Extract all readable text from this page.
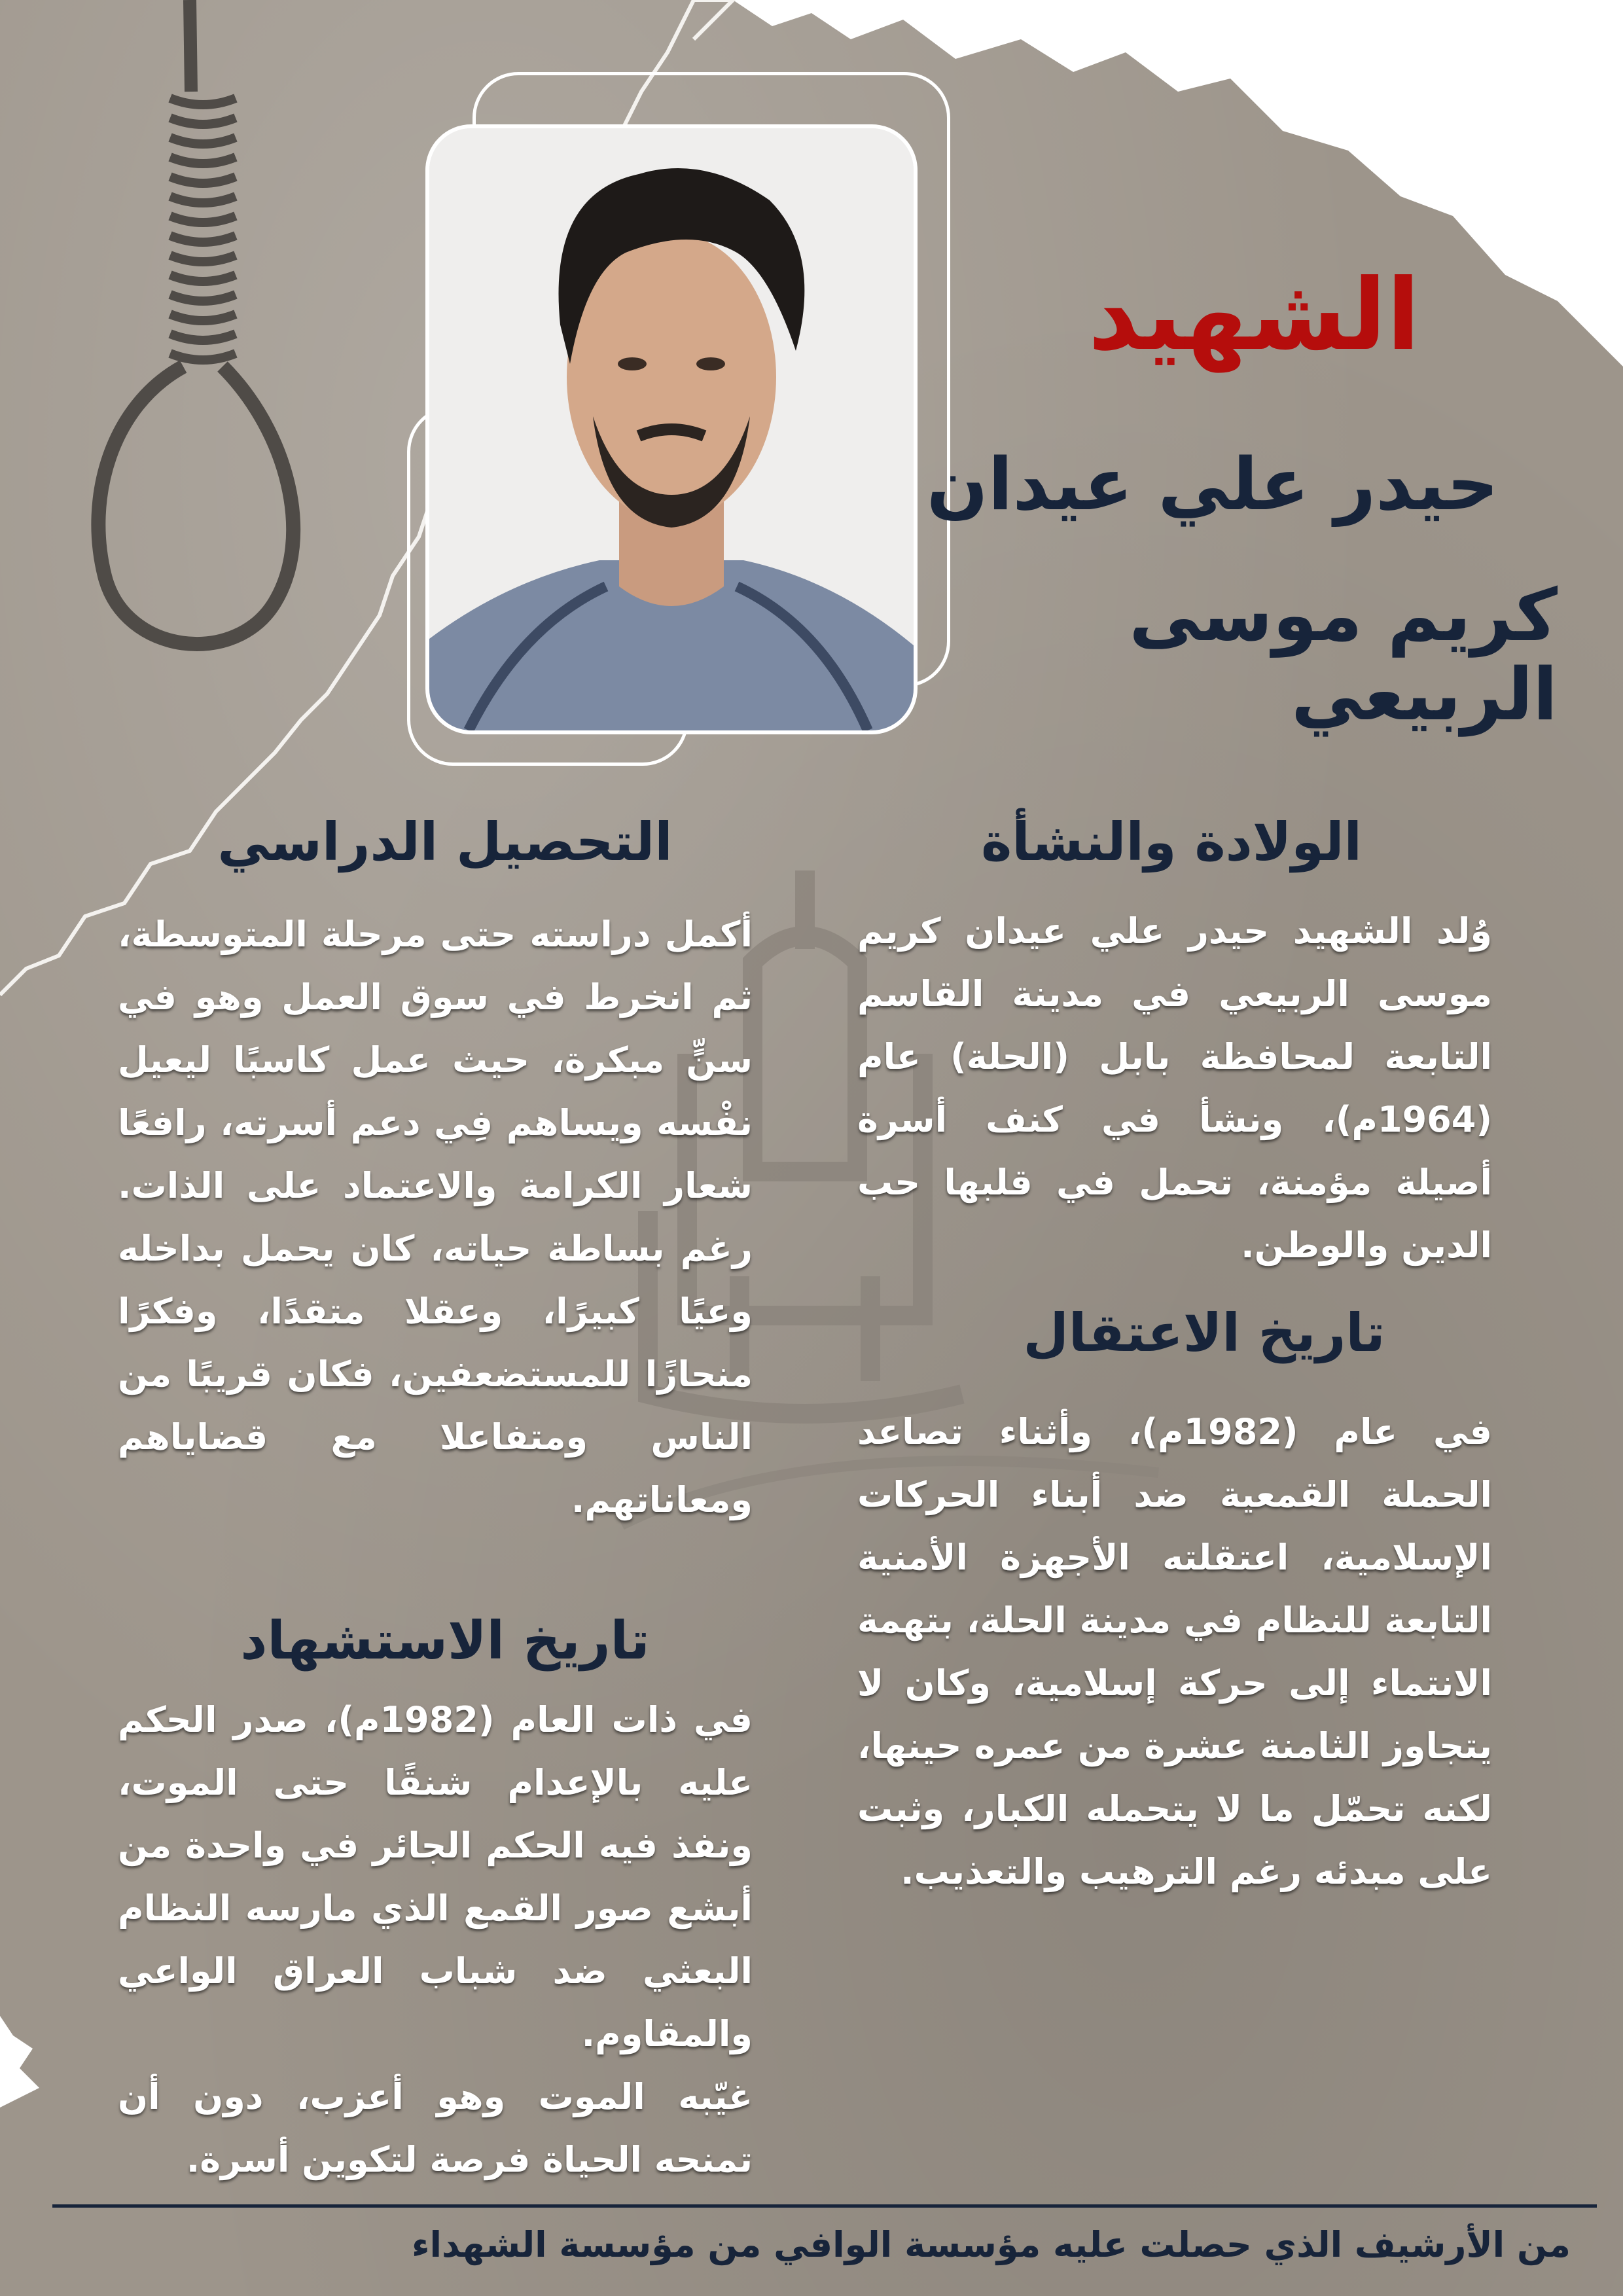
الشهيد
حيدر علي عيدان
كريم موسى الربيعي
الولادة والنشأة
وُلد الشهيد حيدر علي عيدان كريم موسى الربيعي في مدينة القاسم التابعة لمحافظة بابل (الحلة) عام (1964م)، ونشأ في كنف أسرة أصيلة مؤمنة، تحمل في قلبها حب الدين والوطن.
التحصيل الدراسي
أكمل دراسته حتى مرحلة المتوسطة، ثم انخرط في سوق العمل وهو في سنٍّ مبكرة، حيث عمل كاسبًا ليعيل نفْسه ويساهم فِي دعم أسرته، رافعًا شعار الكرامة والاعتماد على الذات. رغم بساطة حياته، كان يحمل بداخله وعيًا كبيرًا، وعقلا متقدًا، وفكرًا منحازًا للمستضعفين، فكان قريبًا من الناس ومتفاعلا مع قضاياهم ومعاناتهم.
تاريخ الاعتقال
في عام (1982م)، وأثناء تصاعد الحملة القمعية ضد أبناء الحركات الإسلامية، اعتقلته الأجهزة الأمنية التابعة للنظام في مدينة الحلة، بتهمة الانتماء إلى حركة إسلامية، وكان لا يتجاوز الثامنة عشرة من عمره حينها، لكنه تحمّل ما لا يتحمله الكبار، وثبت على مبدئه رغم الترهيب والتعذيب.
تاريخ الاستشهاد
في ذات العام (1982م)، صدر الحكم عليه بالإعدام شنقًا حتى الموت، ونفذ فيه الحكم الجائر في واحدة من أبشع صور القمع الذي مارسه النظام البعثي ضد شباب العراق الواعي والمقاوم.
غيّبه الموت وهو أعزب، دون أن تمنحه الحياة فرصة لتكوين أسرة.
من الأرشيف الذي حصلت عليه مؤسسة الوافي من مؤسسة الشهداء
